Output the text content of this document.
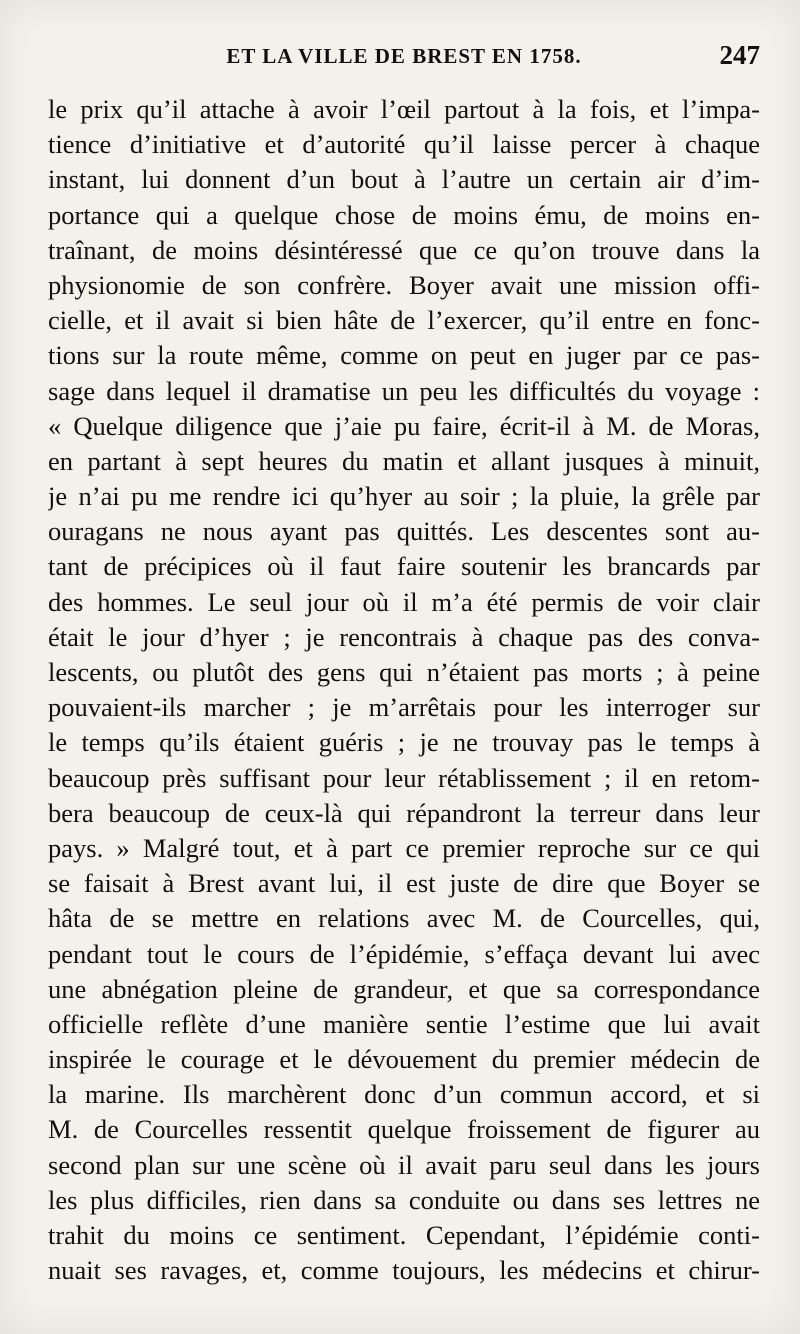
ET LA VILLE DE BREST EN 1758.	247
le prix qu’il attache à avoir l’œil partout à la fois, et l’impa-
tience d’initiative et d’autorité qu’il laisse percer à chaque
instant, lui donnent d’un bout à l’autre un certain air d’im-
portance qui a quelque chose de moins ému, de moins en-
traînant, de moins désintéressé que ce qu’on trouve dans la
physionomie de son confrère. Boyer avait une mission offi-
cielle, et il avait si bien hâte de l’exercer, qu’il entre en fonc-
tions sur la route même, comme on peut en juger par ce pas-
sage dans lequel il dramatise un peu les difficultés du voyage :
« Quelque diligence que j’aie pu faire, écrit-il à M. de Moras,
en partant à sept heures du matin et allant jusques à minuit,
je n’ai pu me rendre ici qu’hyer au soir ; la pluie, la grêle par
ouragans ne nous ayant pas quittés. Les descentes sont au-
tant de précipices où il faut faire soutenir les brancards par
des hommes. Le seul jour où il m’a été permis de voir clair
était le jour d’hyer ; je rencontrais à chaque pas des conva-
lescents, ou plutôt des gens qui n’étaient pas morts ; à peine
pouvaient-ils marcher ; je m’arrêtais pour les interroger sur
le temps qu’ils étaient guéris ; je ne trouvay pas le temps à
beaucoup près suffisant pour leur rétablissement ; il en retom-
bera beaucoup de ceux-là qui répandront la terreur dans leur
pays. » Malgré tout, et à part ce premier reproche sur ce qui
se faisait à Brest avant lui, il est juste de dire que Boyer se
hâta de se mettre en relations avec M. de Courcelles, qui,
pendant tout le cours de l’épidémie, s’effaça devant lui avec
une abnégation pleine de grandeur, et que sa correspondance
officielle reflète d’une manière sentie l’estime que lui avait
inspirée le courage et le dévouement du premier médecin de
la marine. Ils marchèrent donc d’un commun accord, et si
M. de Courcelles ressentit quelque froissement de figurer au
second plan sur une scène où il avait paru seul dans les jours
les plus difficiles, rien dans sa conduite ou dans ses lettres ne
trahit du moins ce sentiment. Cependant, l’épidémie conti-
nuait ses ravages, et, comme toujours, les médecins et chirur-
